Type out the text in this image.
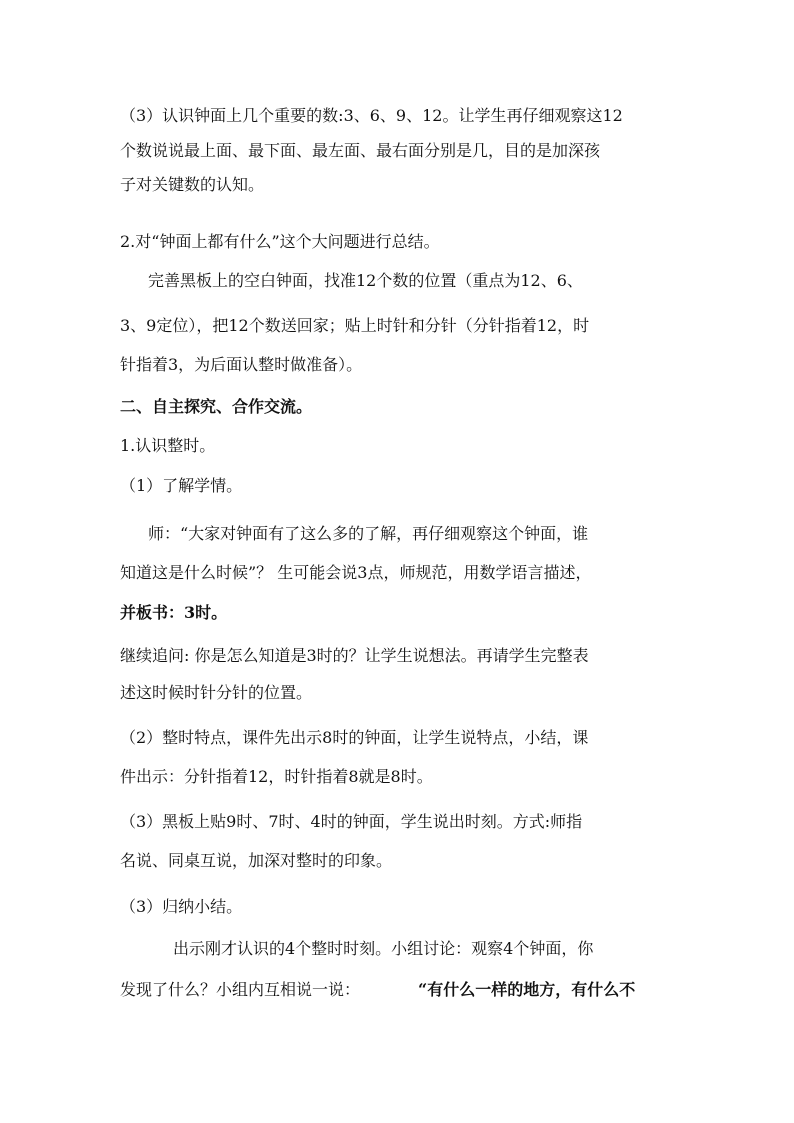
（3）认识钟面上几个重要的数:3、6、9、12。让学生再仔细观察这12
个数说说最上面、最下面、最左面、最右面分别是几，目的是加深孩
子对关键数的认知。
2.对“钟面上都有什么”这个大问题进行总结。
完善黑板上的空白钟面，找准12个数的位置（重点为12、6、
3、9定位），把12个数送回家；贴上时针和分针（分针指着12，时
针指着3，为后面认整时做准备）。
二、自主探究、合作交流。
1.认识整时。
（1）了解学情。
师：“大家对钟面有了这么多的了解，再仔细观察这个钟面，谁
知道这是什么时候”？ 生可能会说3点，师规范，用数学语言描述，
并板书：3时。
继续追问: 你是怎么知道是3时的？让学生说想法。再请学生完整表
述这时候时针分针的位置。
（2）整时特点，课件先出示8时的钟面，让学生说特点，小结，课
件出示：分针指着12，时针指着8就是8时。
（3）黑板上贴9时、7时、4时的钟面，学生说出时刻。方式:师指
名说、同桌互说，加深对整时的印象。
（3）归纳小结。
出示刚才认识的4个整时时刻。小组讨论：观察4个钟面，你
发现了什么？小组内互相说一说：	“有什么一样的地方，有什么不
